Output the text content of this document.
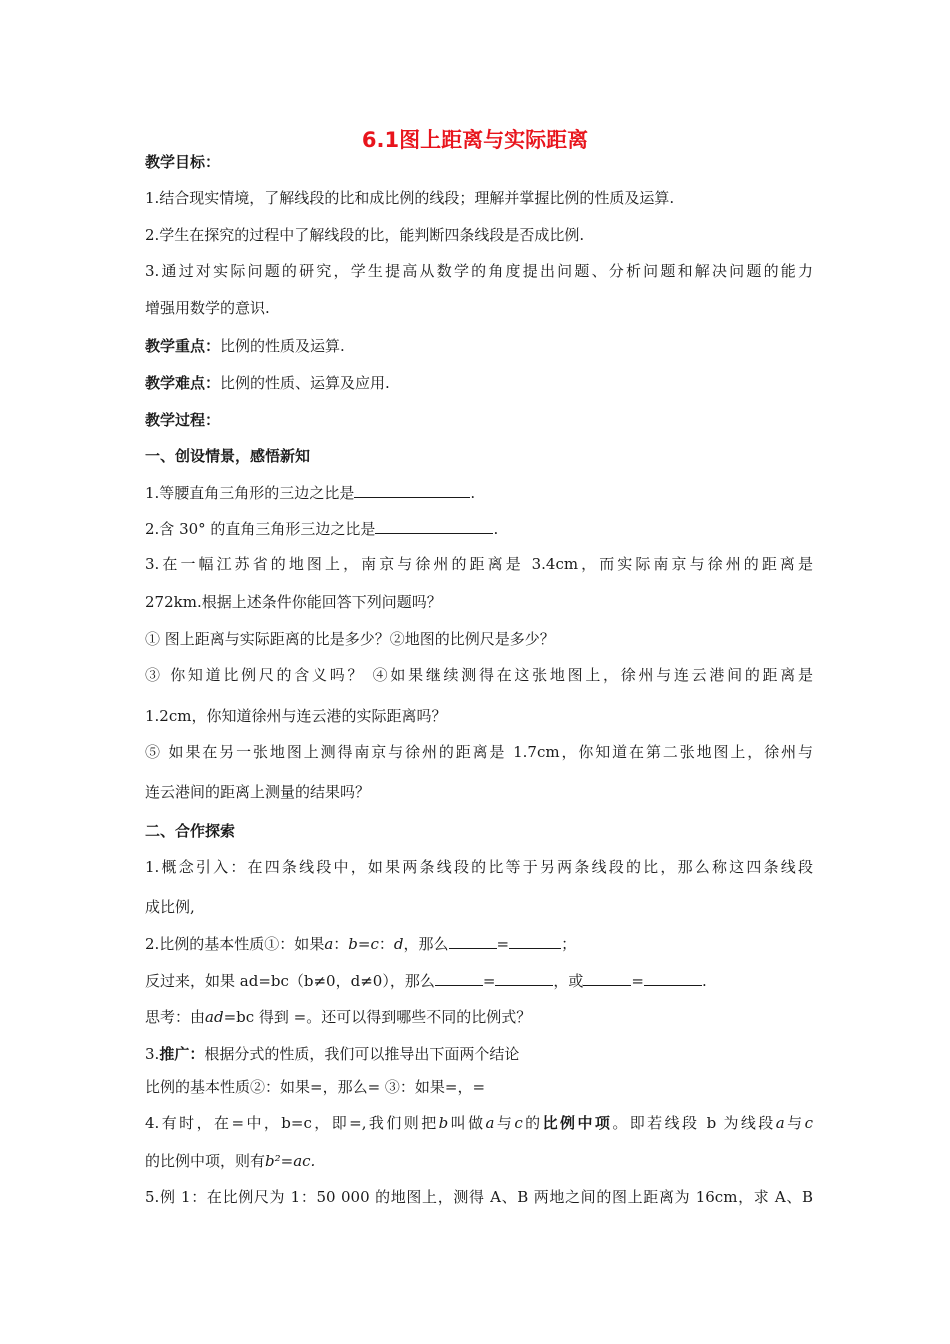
6.1图上距离与实际距离

教学目标：

1.结合现实情境，了解线段的比和成比例的线段；理解并掌握比例的性质及运算.

2.学生在探究的过程中了解线段的比，能判断四条线段是否成比例.

3.通过对实际问题的研究，学生提高从数学的角度提出问题、分析问题和解决问题的能力

增强用数学的意识.

教学重点：比例的性质及运算.

教学难点：比例的性质、运算及应用.

教学过程：

一、创设情景，感悟新知

1.等腰直角三角形的三边之比是	.

2.含 30° 的直角三角形三边之比是	.

3.在一幅江苏省的地图上，南京与徐州的距离是 3.4cm，而实际南京与徐州的距离是

272km.根据上述条件你能回答下列问题吗？

① 图上距离与实际距离的比是多少？②地图的比例尺是多少？

③ 你知道比例尺的含义吗？ ④如果继续测得在这张地图上，徐州与连云港间的距离是

1.2cm，你知道徐州与连云港的实际距离吗？

⑤ 如果在另一张地图上测得南京与徐州的距离是 1.7cm，你知道在第二张地图上，徐州与

连云港间的距离上测量的结果吗？

二、合作探索

1.概念引入：在四条线段中，如果两条线段的比等于另两条线段的比，那么称这四条线段

成比例,

2.比例的基本性质①：如果a：b=c：d，那么	=	；

反过来，如果 ad=bc（b≠0，d≠0），那么	=	，或	=	.

思考：由ad=bc 得到 =。还可以得到哪些不同的比例式？

3.推广：根据分式的性质，我们可以推导出下面两个结论

比例的基本性质②：如果=，那么= ③：如果=，=

4.有时，在=中，b=c，即=,我们则把b叫做a与c的比例中项。即若线段 b 为线段a与c

的比例中项，则有b²=ac.

5.例 1：在比例尺为 1：50 000 的地图上，测得 A、B 两地之间的图上距离为 16cm，求 A、B
